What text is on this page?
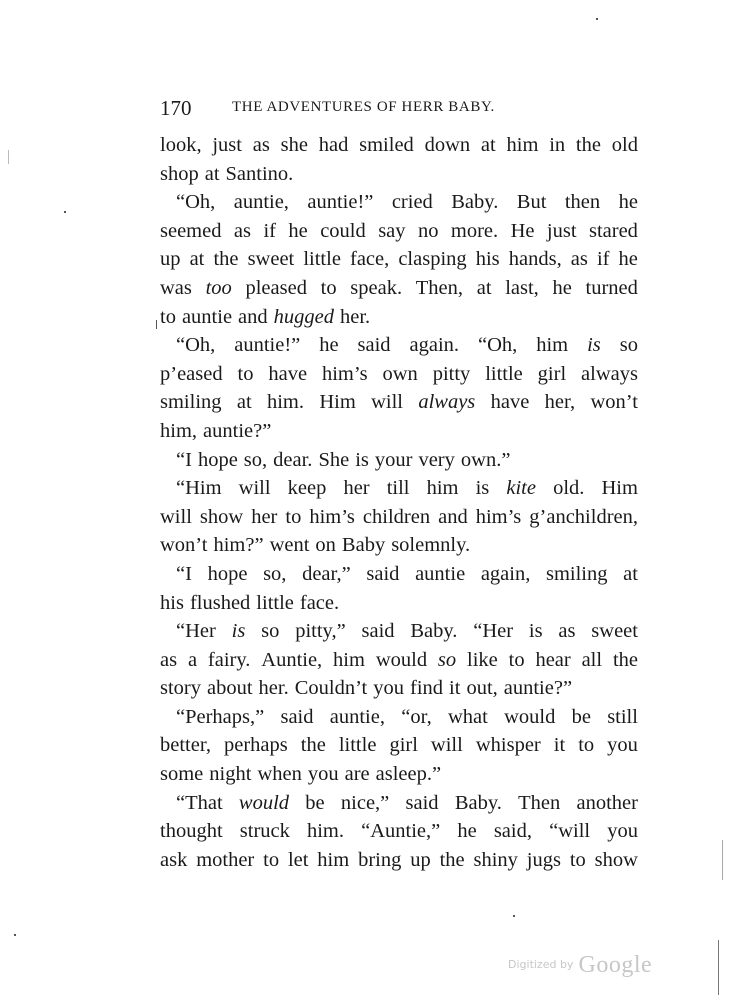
170	THE ADVENTURES OF HERR BABY.
look, just as she had smiled down at him in the old
shop at Santino.
“Oh, auntie, auntie!” cried Baby. But then he
seemed as if he could say no more. He just stared
up at the sweet little face, clasping his hands, as if he
was too pleased to speak. Then, at last, he turned
to auntie and hugged her.
“Oh, auntie!” he said again. “Oh, him is so
p’eased to have him’s own pitty little girl always
smiling at him. Him will always have her, won’t
him, auntie?”
“I hope so, dear. She is your very own.”
“Him will keep her till him is kite old. Him
will show her to him’s children and him’s g’anchildren,
won’t him?” went on Baby solemnly.
“I hope so, dear,” said auntie again, smiling at
his flushed little face.
“Her is so pitty,” said Baby. “Her is as sweet
as a fairy. Auntie, him would so like to hear all the
story about her. Couldn’t you find it out, auntie?”
“Perhaps,” said auntie, “or, what would be still
better, perhaps the little girl will whisper it to you
some night when you are asleep.”
“That would be nice,” said Baby. Then another
thought struck him. “Auntie,” he said, “will you
ask mother to let him bring up the shiny jugs to show
$^{Digitized by}$ Google
